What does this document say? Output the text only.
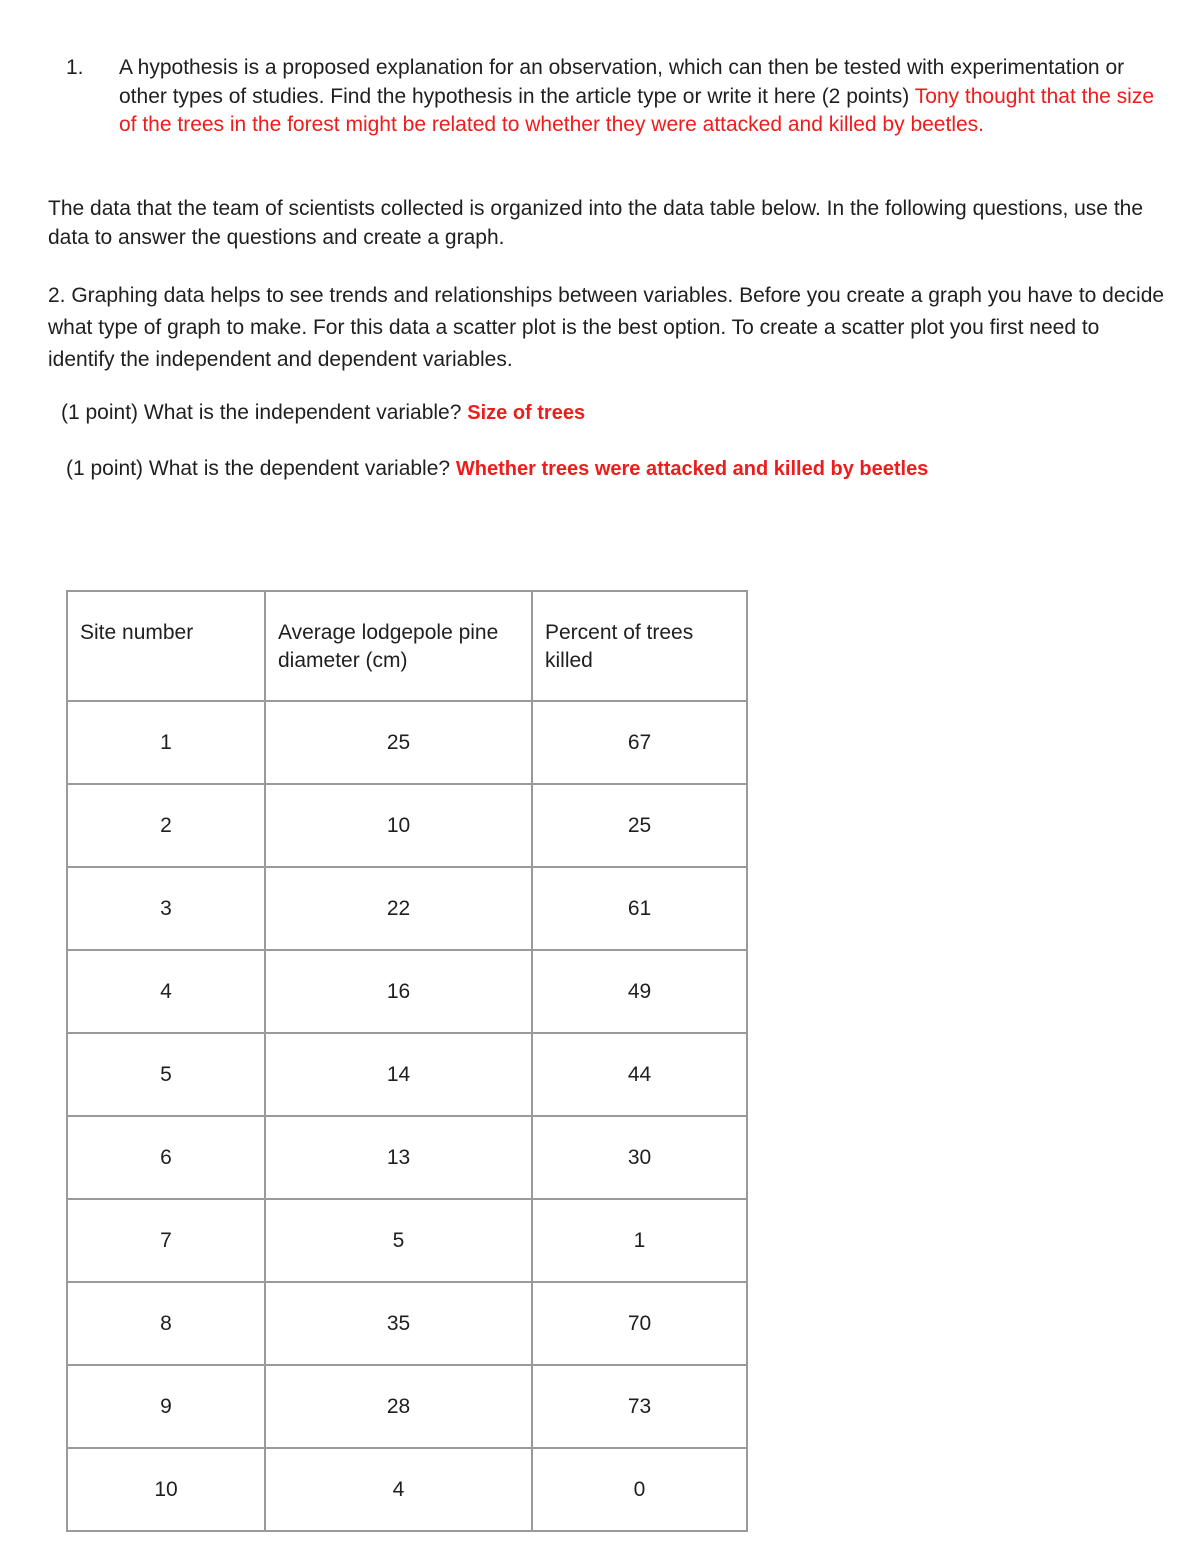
1. A hypothesis is a proposed explanation for an observation, which can then be tested with experimentation or other types of studies. Find the hypothesis in the article type or write it here (2 points) Tony thought that the size of the trees in the forest might be related to whether they were attacked and killed by beetles.
The data that the team of scientists collected is organized into the data table below. In the following questions, use the data to answer the questions and create a graph.
2. Graphing data helps to see trends and relationships between variables. Before you create a graph you have to decide what type of graph to make. For this data a scatter plot is the best option. To create a scatter plot you first need to identify the independent and dependent variables.
(1 point) What is the independent variable? Size of trees
(1 point) What is the dependent variable? Whether trees were attacked and killed by beetles
Site number	Average lodgepole pine diameter (cm)	Percent of trees killed
1	25	67
2	10	25
3	22	61
4	16	49
5	14	44
6	13	30
7	5	1
8	35	70
9	28	73
10	4	0
